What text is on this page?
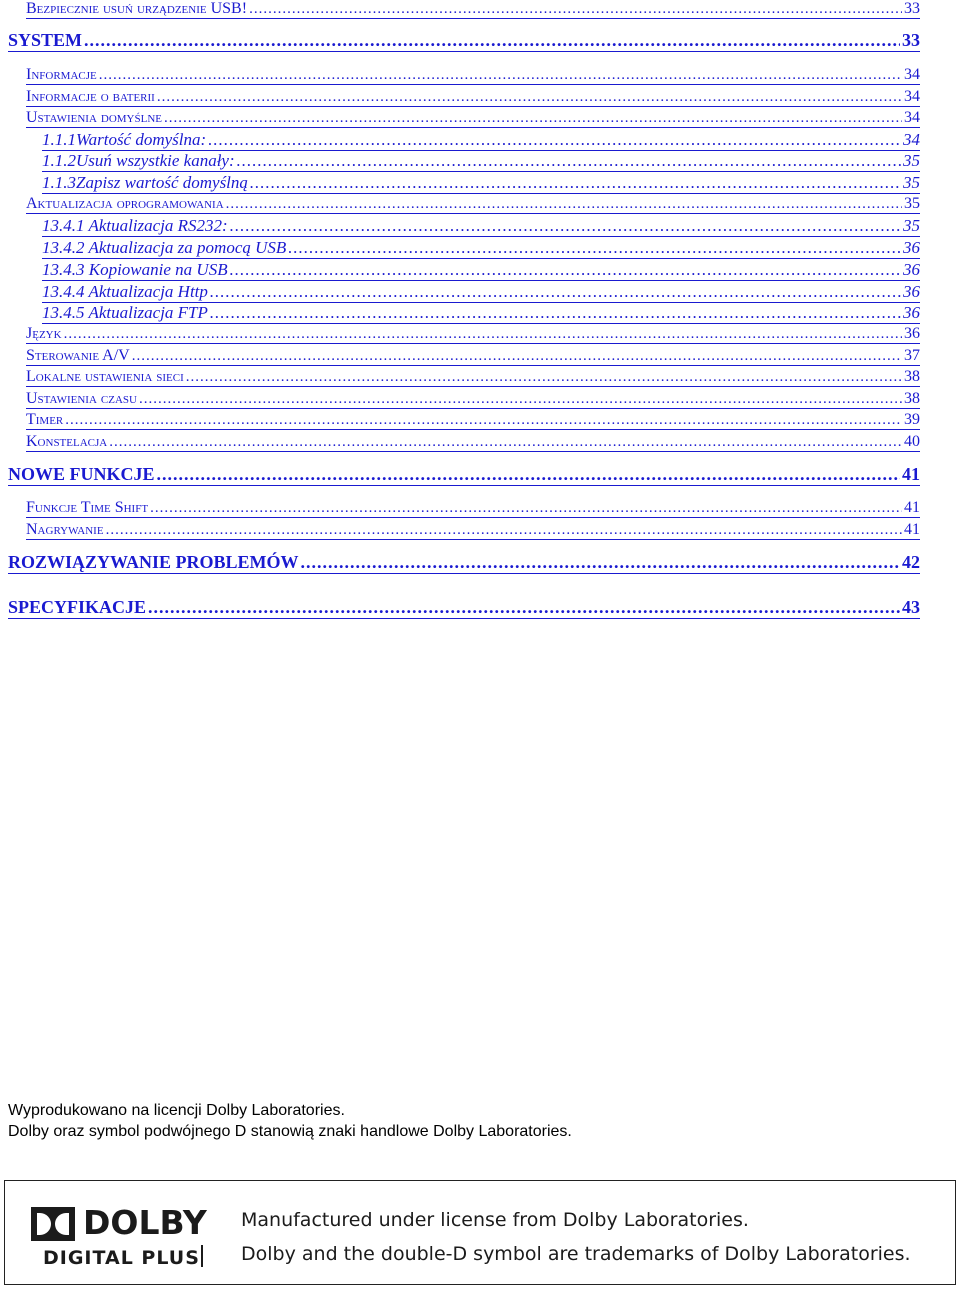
Bezpiecznie usuń urządzenie USB! .....	33
SYSTEM .....	33
Informacje .....	34
Informacje o baterii .....	34
Ustawienia domyślne .....	34
1.1.1Wartość domyślna: .....	34
1.1.2Usuń wszystkie kanały: .....	35
1.1.3Zapisz wartość domyślną .....	35
Aktualizacja oprogramowania .....	35
13.4.1 Aktualizacja RS232: .....	35
13.4.2 Aktualizacja za pomocą USB .....	36
13.4.3 Kopiowanie na USB .....	36
13.4.4 Aktualizacja Http .....	36
13.4.5 Aktualizacja FTP .....	36
Język .....	36
Sterowanie A/V .....	37
Lokalne ustawienia sieci .....	38
Ustawienia czasu .....	38
Timer .....	39
Konstelacja .....	40
NOWE FUNKCJE .....	41
Funkcje Time Shift .....	41
Nagrywanie .....	41
ROZWIĄZYWANIE PROBLEMÓW .....	42
SPECYFIKACJE .....	43
Wyprodukowano na licencji Dolby Laboratories.
Dolby oraz symbol podwójnego D stanowią znaki handlowe Dolby Laboratories.
DOLBY
DIGITAL PLUS
Manufactured under license from Dolby Laboratories.
Dolby and the double-D symbol are trademarks of Dolby Laboratories.
